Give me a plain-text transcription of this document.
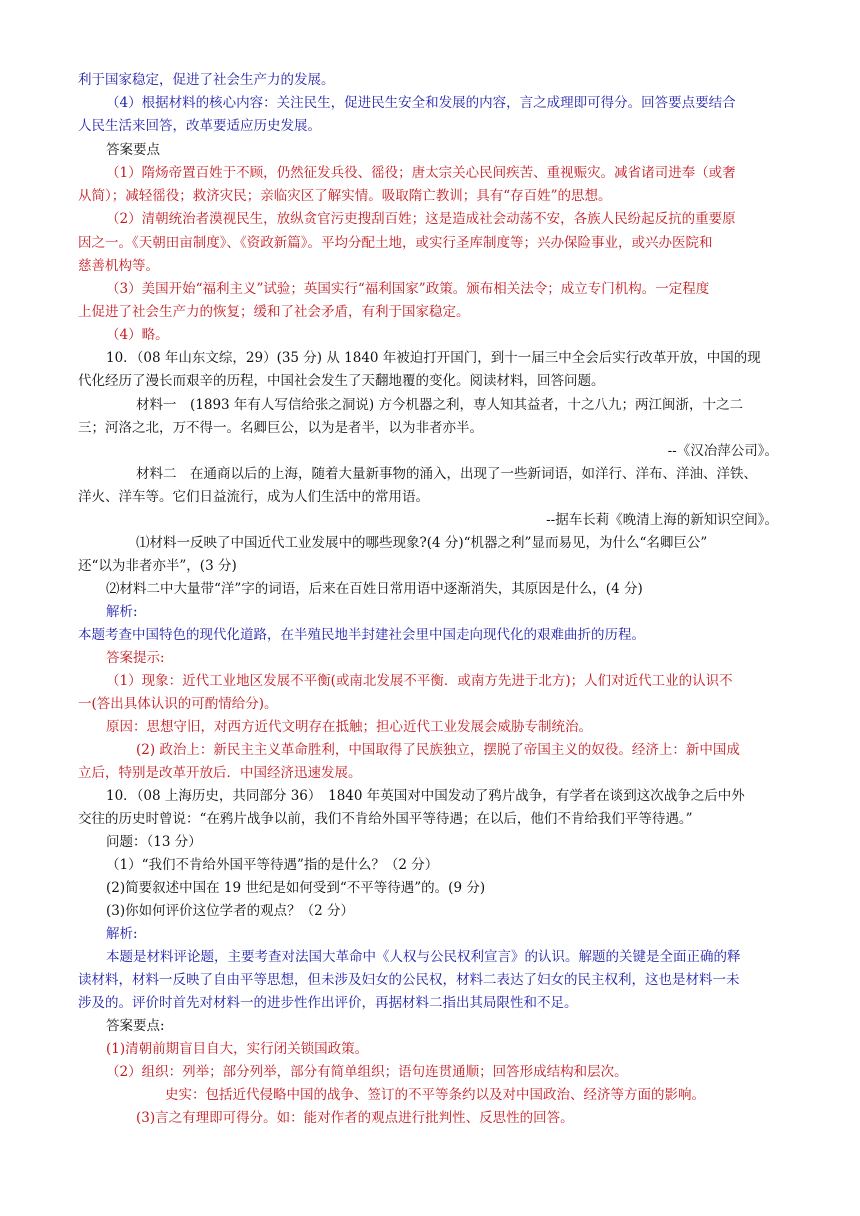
利于国家稳定，促进了社会生产力的发展。
（4）根据材料的核心内容：关注民生，促进民生安全和发展的内容，言之成理即可得分。回答要点要结合
人民生活来回答，改革要适应历史发展。
答案要点
（1）隋炀帝置百姓于不顾，仍然征发兵役、徭役；唐太宗关心民间疾苦、重视赈灾。减省诸司进奉（或奢
从简）；减轻徭役；救济灾民；亲临灾区了解实情。吸取隋亡教训；具有“存百姓”的思想。
（2）清朝统治者漠视民生，放纵贪官污吏搜刮百姓；这是造成社会动荡不安，各族人民纷起反抗的重要原
因之一。《天朝田亩制度》、《资政新篇》。平均分配土地，或实行圣库制度等；兴办保险事业，或兴办医院和
慈善机构等。
（3）美国开始“福利主义”试验；英国实行“福利国家”政策。颁布相关法令；成立专门机构。一定程度
上促进了社会生产力的恢复；缓和了社会矛盾，有利于国家稳定。
（4）略。
10．（08 年山东文综，29）(35 分) 从 1840 年被迫打开国门，到十一届三中全会后实行改革开放，中国的现
代化经历了漫长而艰辛的历程，中国社会发生了天翻地覆的变化。阅读材料，回答问题。
材料一　(1893 年有人写信给张之洞说) 方今机器之利，専人知其益者，十之八九；两江闽浙，十之二
三；河洛之北，万不得一。名卿巨公，以为是者半，以为非者亦半。
--《汉冶萍公司》。
材料二　在通商以后的上海，随着大量新事物的涌入，出现了一些新词语，如洋行、洋布、洋油、洋铁、
洋火、洋车等。它们日益流行，成为人们生活中的常用语。
--据车长莉《晚清上海的新知识空间》。
⑴材料一反映了中国近代工业发展中的哪些现象?(4 分)“机器之利”显而易见，为什么“名卿巨公”
还“以为非者亦半”，(3 分)
⑵材料二中大量带“洋”字的词语，后来在百姓日常用语中逐渐消失，其原因是什么，(4 分)
解析:
本题考查中国特色的现代化道路，在半殖民地半封建社会里中国走向现代化的艰难曲折的历程。
答案提示:
（1）现象：近代工业地区发展不平衡(或南北发展不平衡．或南方先进于北方)；人们对近代工业的认识不
一(答出具体认识的可酌情给分)。
原因：思想守旧，对西方近代文明存在抵触；担心近代工业发展会威胁专制统治。
(2) 政治上：新民主主义革命胜利，中国取得了民族独立，摆脱了帝国主义的奴役。经济上：新中国成
立后，特别是改革开放后．中国经济迅速发展。
10．（08 上海历史，共同部分 36）　1840 年英国对中国发动了鸦片战争，有学者在谈到这次战争之后中外
交往的历史时曾说：“在鸦片战争以前，我们不肯给外国平等待遇；在以后，他们不肯给我们平等待遇。”
问题：（13 分）
（1）“我们不肯给外国平等待遇”指的是什么？（2 分）
(2)简要叙述中国在 19 世纪是如何受到“不平等待遇”的。(9 分)
(3)你如何评价这位学者的观点？（2 分）
解析:
本题是材料评论题，主要考查对法国大革命中《人权与公民权利宣言》的认识。解题的关键是全面正确的释
读材料，材料一反映了自由平等思想，但未涉及妇女的公民权，材料二表达了妇女的民主权利，这也是材料一未
涉及的。评价时首先对材料一的进步性作出评价，再据材料二指出其局限性和不足。
答案要点:
(1)清朝前期盲目自大，实行闭关锁国政策。
（2）组织：列举；部分列举，部分有简单组织；语句连贯通顺；回答形成结构和层次。
史实：包括近代侵略中国的战争、签订的不平等条约以及对中国政治、经济等方面的影响。
(3)言之有理即可得分。如：能对作者的观点进行批判性、反思性的回答。
